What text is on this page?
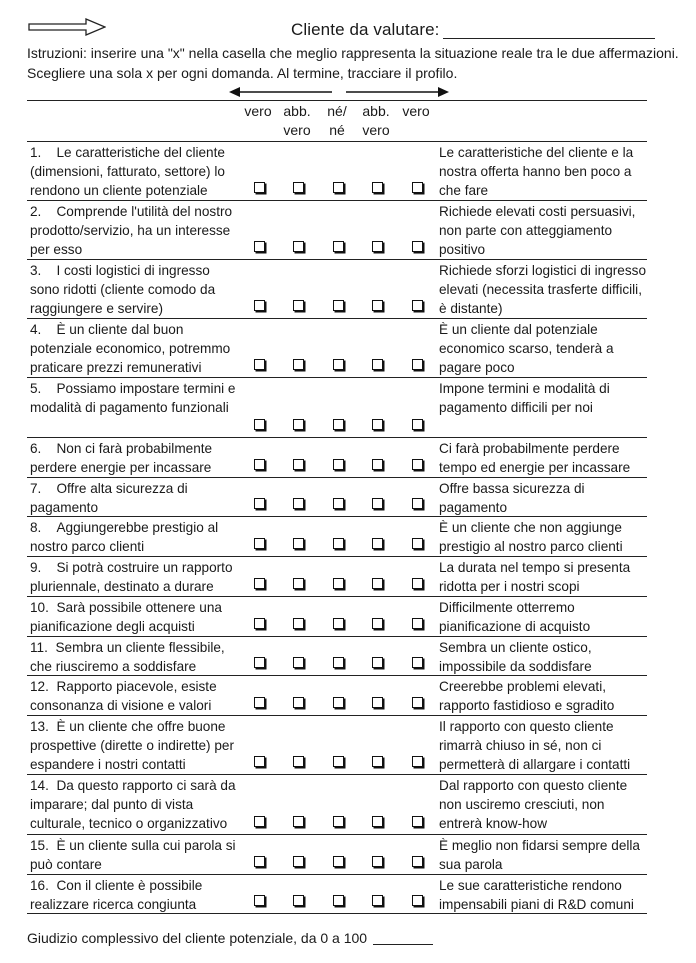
Cliente da valutare:
Istruzioni: inserire una "x" nella casella che meglio rappresenta la situazione reale tra le due affermazioni.
Scegliere una sola x per ogni domanda. Al termine, tracciare il profilo.
vero abb.
vero
né/
né
abb.
vero
vero
1.    Le caratteristiche del cliente (dimensioni, fatturato, settore) lo rendono un cliente potenziale
Le caratteristiche del cliente e la nostra offerta hanno ben poco a che fare
2.    Comprende l'utilità del nostro prodotto/servizio, ha un interesse per esso
Richiede elevati costi persuasivi, non parte con atteggiamento positivo
3.    I costi logistici di ingresso sono ridotti (cliente comodo da raggiungere e servire)
Richiede sforzi logistici di ingresso elevati (necessita trasferte difficili, è distante)
4.    È un cliente dal buon potenziale economico, potremmo praticare prezzi remunerativi
È un cliente dal potenziale economico scarso, tenderà a pagare poco
5.    Possiamo impostare termini e modalità di pagamento funzionali
Impone termini e modalità di pagamento difficili per noi
6.    Non ci farà probabilmente perdere energie per incassare
Ci farà probabilmente perdere tempo ed energie per incassare
7.    Offre alta sicurezza di pagamento
Offre bassa sicurezza di pagamento
8.    Aggiungerebbe prestigio al nostro parco clienti
È un cliente che non aggiunge prestigio al nostro parco clienti
9.    Si potrà costruire un rapporto pluriennale, destinato a durare
La durata nel tempo si presenta ridotta per i nostri scopi
10.  Sarà possibile ottenere una pianificazione degli acquisti
Difficilmente otterremo pianificazione di acquisto
11.  Sembra un cliente flessibile, che riusciremo a soddisfare
Sembra un cliente ostico, impossibile da soddisfare
12.  Rapporto piacevole, esiste consonanza di visione e valori
Creerebbe problemi elevati, rapporto fastidioso e sgradito
13.  È un cliente che offre buone prospettive (dirette o indirette) per espandere i nostri contatti
Il rapporto con questo cliente rimarrà chiuso in sé, non ci permetterà di allargare i contatti
14.  Da questo rapporto ci sarà da imparare; dal punto di vista culturale, tecnico o organizzativo
Dal rapporto con questo cliente non usciremo cresciuti, non entrerà know-how
15.  È un cliente sulla cui parola si può contare
È meglio non fidarsi sempre della sua parola
16.  Con il cliente è possibile realizzare ricerca congiunta
Le sue caratteristiche rendono impensabili piani di R&D comuni
Giudizio complessivo del cliente potenziale, da 0 a 100
